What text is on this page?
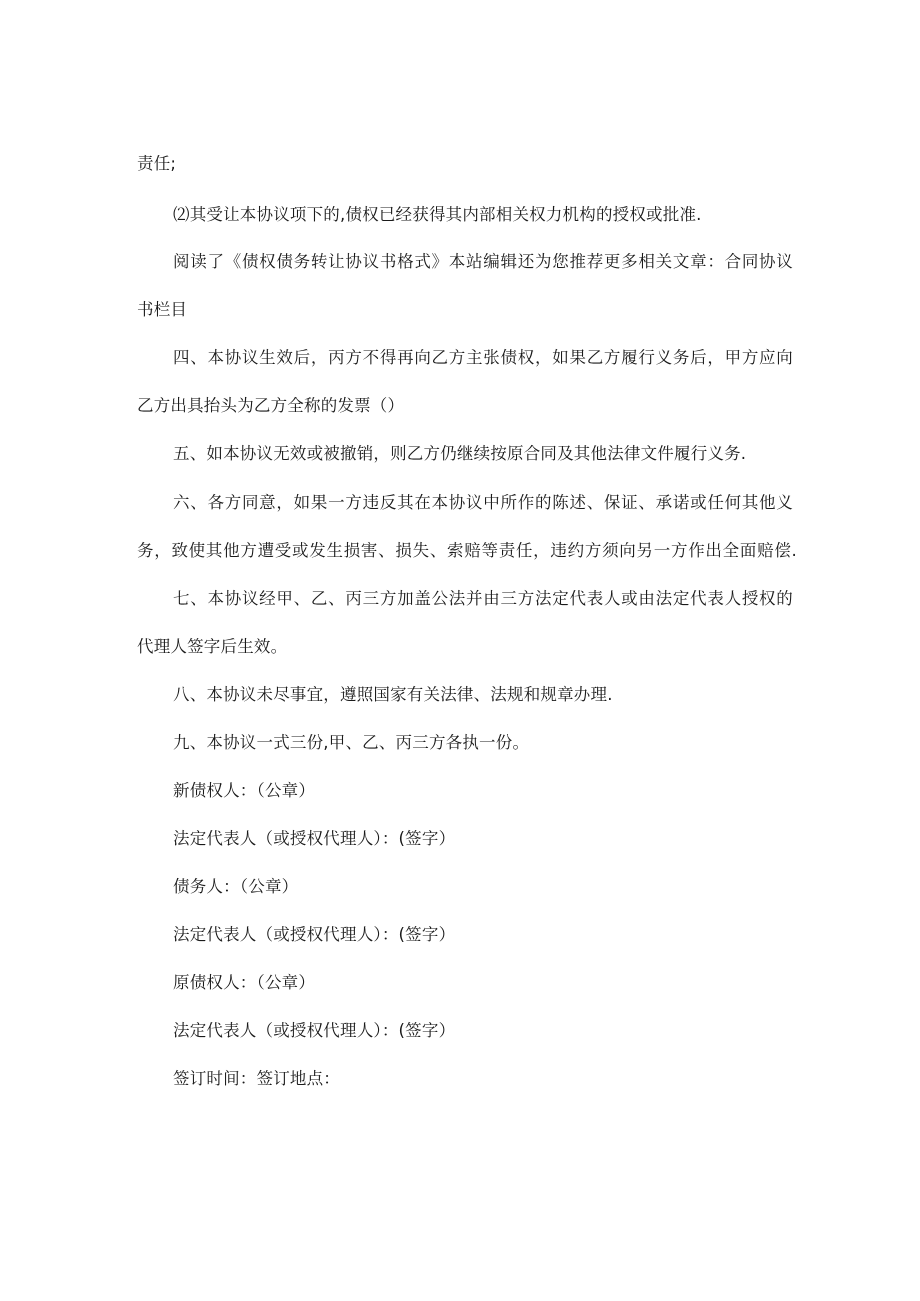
责任;
⑵其受让本协议项下的,债权已经获得其内部相关权力机构的授权或批准.
阅读了《债权债务转让协议书格式》本站编辑还为您推荐更多相关文章：合同协议
书栏目
四、本协议生效后，丙方不得再向乙方主张债权，如果乙方履行义务后，甲方应向
乙方出具抬头为乙方全称的发票（）
五、如本协议无效或被撤销，则乙方仍继续按原合同及其他法律文件履行义务.
六、各方同意，如果一方违反其在本协议中所作的陈述、保证、承诺或任何其他义
务，致使其他方遭受或发生损害、损失、索赔等责任，违约方须向另一方作出全面赔偿.
七、本协议经甲、乙、丙三方加盖公法并由三方法定代表人或由法定代表人授权的
代理人签字后生效。
八、本协议未尽事宜，遵照国家有关法律、法规和规章办理.
九、本协议一式三份,甲、乙、丙三方各执一份。
新债权人：（公章）
法定代表人（或授权代理人）：(签字）
债务人：（公章）
法定代表人（或授权代理人）：(签字）
原债权人：（公章）
法定代表人（或授权代理人）：(签字）
签订时间：签订地点：
